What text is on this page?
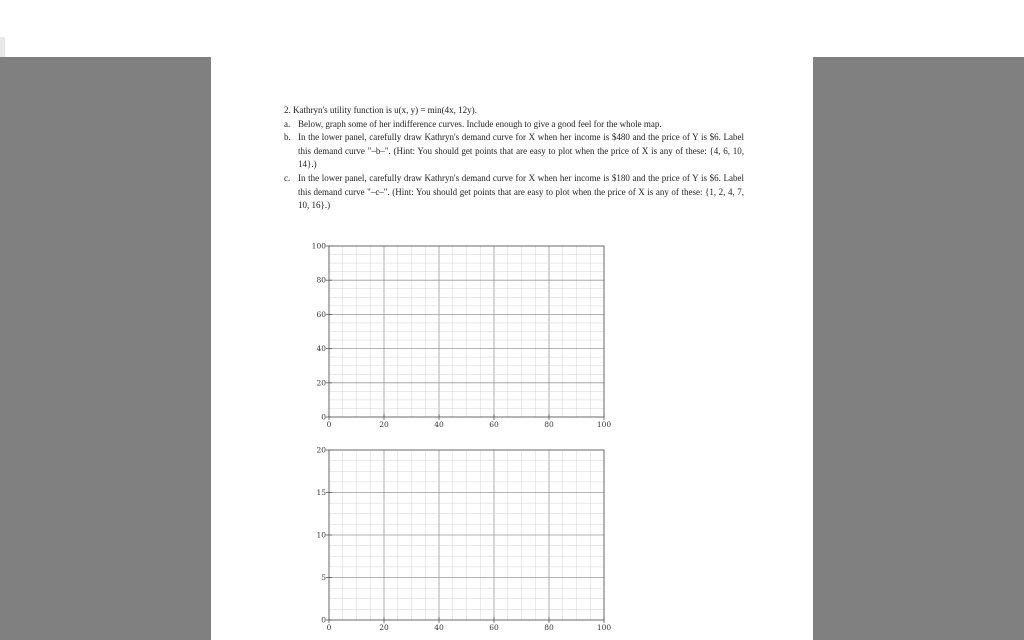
2. Kathryn's utility function is u(x, y) = min(4x, 12y).

a. Below, graph some of her indifference curves. Include enough to give a good feel for the whole map.

b. In the lower panel, carefully draw Kathryn's demand curve for X when her income is $480 and the price of Y is $6. Label this demand curve "–b–". (Hint: You should get points that are easy to plot when the price of X is any of these: {4, 6, 10, 14}.)

c. In the lower panel, carefully draw Kathryn's demand curve for X when her income is $180 and the price of Y is $6. Label this demand curve "–c–". (Hint: You should get points that are easy to plot when the price of X is any of these: {1, 2, 4, 7, 10, 16}.)

0	20	40	60	80	100
0
20
40
60
80
100
0	20	40	60	80	100
0
5
10
15
20
